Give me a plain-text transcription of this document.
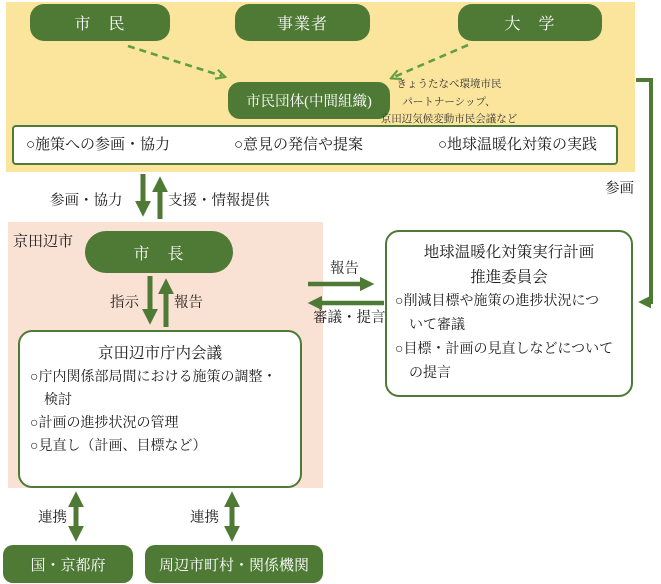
市　民	事業者	大　学
市民団体(中間組織)
きょうたなべ環境市民
パートナーシップ、
京田辺気候変動市民会議など
○施策への参画・協力	○意見の発信や提案	○地球温暖化対策の実践
京田辺市
市　長
京田辺市庁内会議
○庁内関係部局間における施策の調整・
検討
○計画の進捗状況の管理
○見直し（計画、目標など）
地球温暖化対策実行計画
推進委員会
○削減目標や施策の進捗状況につ
いて審議
○目標・計画の見直しなどについて
の提言
国・京都府	周辺市町村・関係機関
参画・協力	支援・情報提供
参画
指示 報告
報告
審議・提言
連携	連携
